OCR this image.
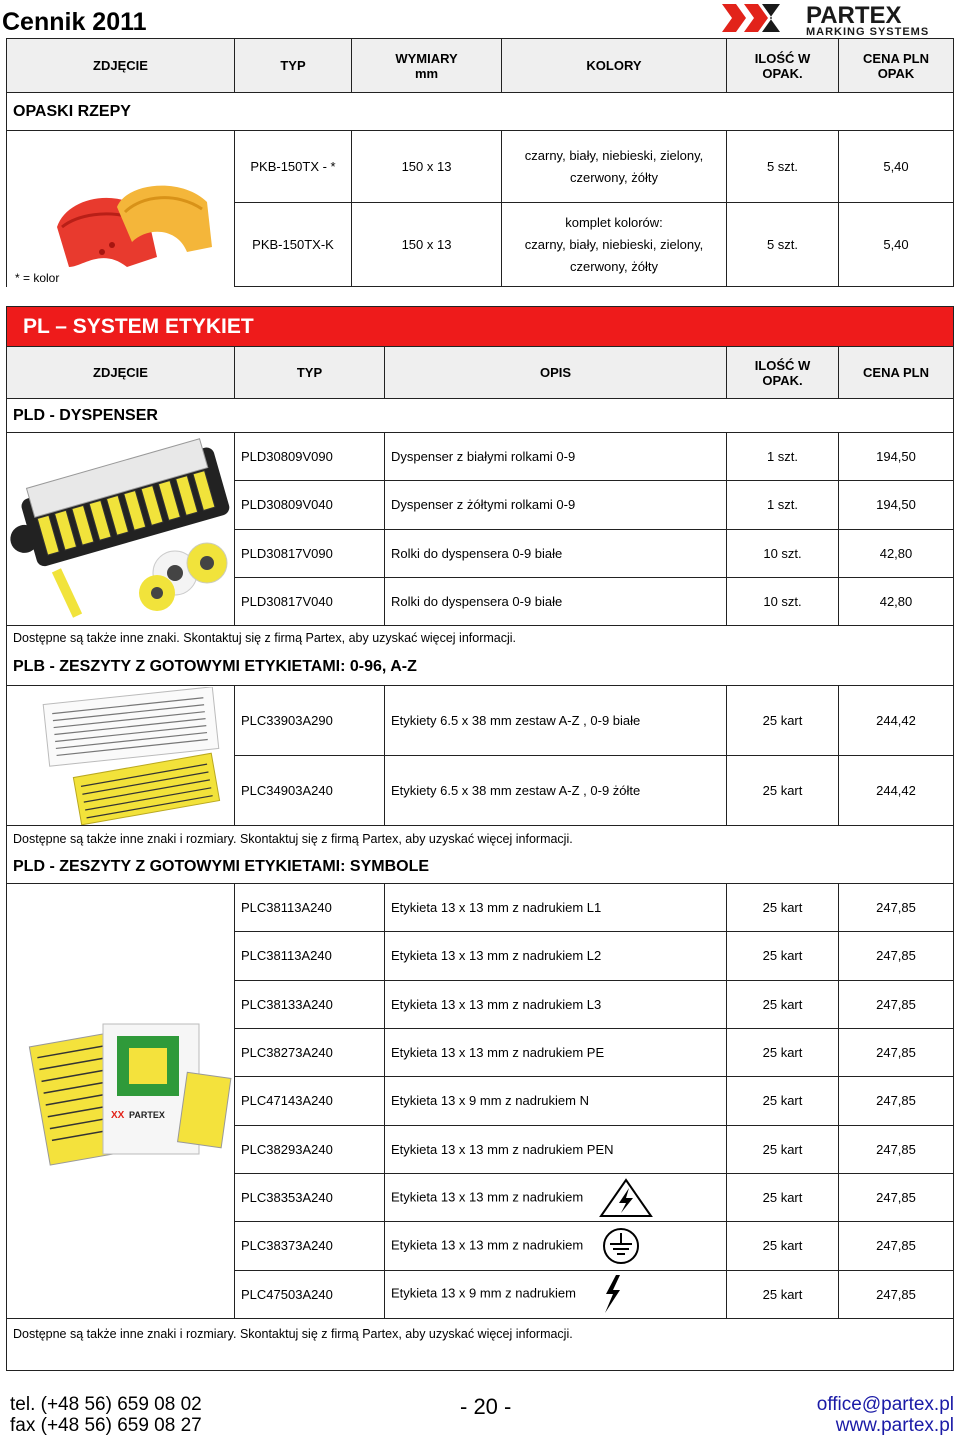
Cennik 2011	PARTEX
MARKING SYSTEMS
ZDJĘCIE	TYP	WYMIARY
mm	KOLORY	ILOŚĆ W
OPAK.	CENA PLN
OPAK
OPASKI RZEPY					

* = kolor	PKB-150TX - *	150 x 13	czarny, biały, niebieski, zielony,
czerwony, żółty	5 szt.	5,40
	PKB-150TX-K	150 x 13	komplet kolorów:
czarny, biały, niebieski, zielony,
czerwony, żółty	5 szt.	5,40
PL – SYSTEM ETYKIET				
ZDJĘCIE	TYP	OPIS	ILOŚĆ W
OPAK.	CENA PLN
PLD - DYSPENSER				

	PLD30809V090	Dyspenser z białymi rolkami 0-9	1 szt.	194,50
	PLD30809V040	Dyspenser z żółtymi rolkami 0-9	1 szt.	194,50
	PLD30817V090	Rolki do dyspensera 0-9 białe	10 szt.	42,80
	PLD30817V040	Rolki do dyspensera 0-9 białe	10 szt.	42,80
Dostępne są także inne znaki. Skontaktuj się z firmą Partex, aby uzyskać więcej informacji.				
PLB - ZESZYTY Z GOTOWYMI ETYKIETAMI: 0-96, A-Z				

	PLC33903A290	Etykiety 6.5 x 38 mm zestaw A-Z , 0-9 białe	25 kart	244,42
	PLC34903A240	Etykiety 6.5 x 38 mm zestaw A-Z , 0-9 żółte	25 kart	244,42
Dostępne są także inne znaki i rozmiary. Skontaktuj się z firmą Partex, aby uzyskać więcej informacji.				
PLD - ZESZYTY Z GOTOWYMI ETYKIETAMI: SYMBOLE				

XX PARTEX	PLC38113A240	Etykieta 13 x 13 mm z nadrukiem L1	25 kart	247,85
	PLC38113A240	Etykieta 13 x 13 mm z nadrukiem L2	25 kart	247,85
	PLC38133A240	Etykieta 13 x 13 mm z nadrukiem L3	25 kart	247,85
	PLC38273A240	Etykieta 13 x 13 mm z nadrukiem PE	25 kart	247,85
	PLC47143A240	Etykieta 13 x 9 mm z nadrukiem N	25 kart	247,85
	PLC38293A240	Etykieta 13 x 13 mm z nadrukiem PEN	25 kart	247,85
	PLC38353A240	Etykieta 13 x 13 mm z nadrukiem	25 kart	247,85
	PLC38373A240	Etykieta 13 x 13 mm z nadrukiem	25 kart	247,85
	PLC47503A240	Etykieta 13 x 9 mm z nadrukiem	25 kart	247,85
Dostępne są także inne znaki i rozmiary. Skontaktuj się z firmą Partex, aby uzyskać więcej informacji.				
tel. (+48 56) 659 08 02
fax (+48 56) 659 08 27
- 20 -	office@partex.pl
www.partex.pl
